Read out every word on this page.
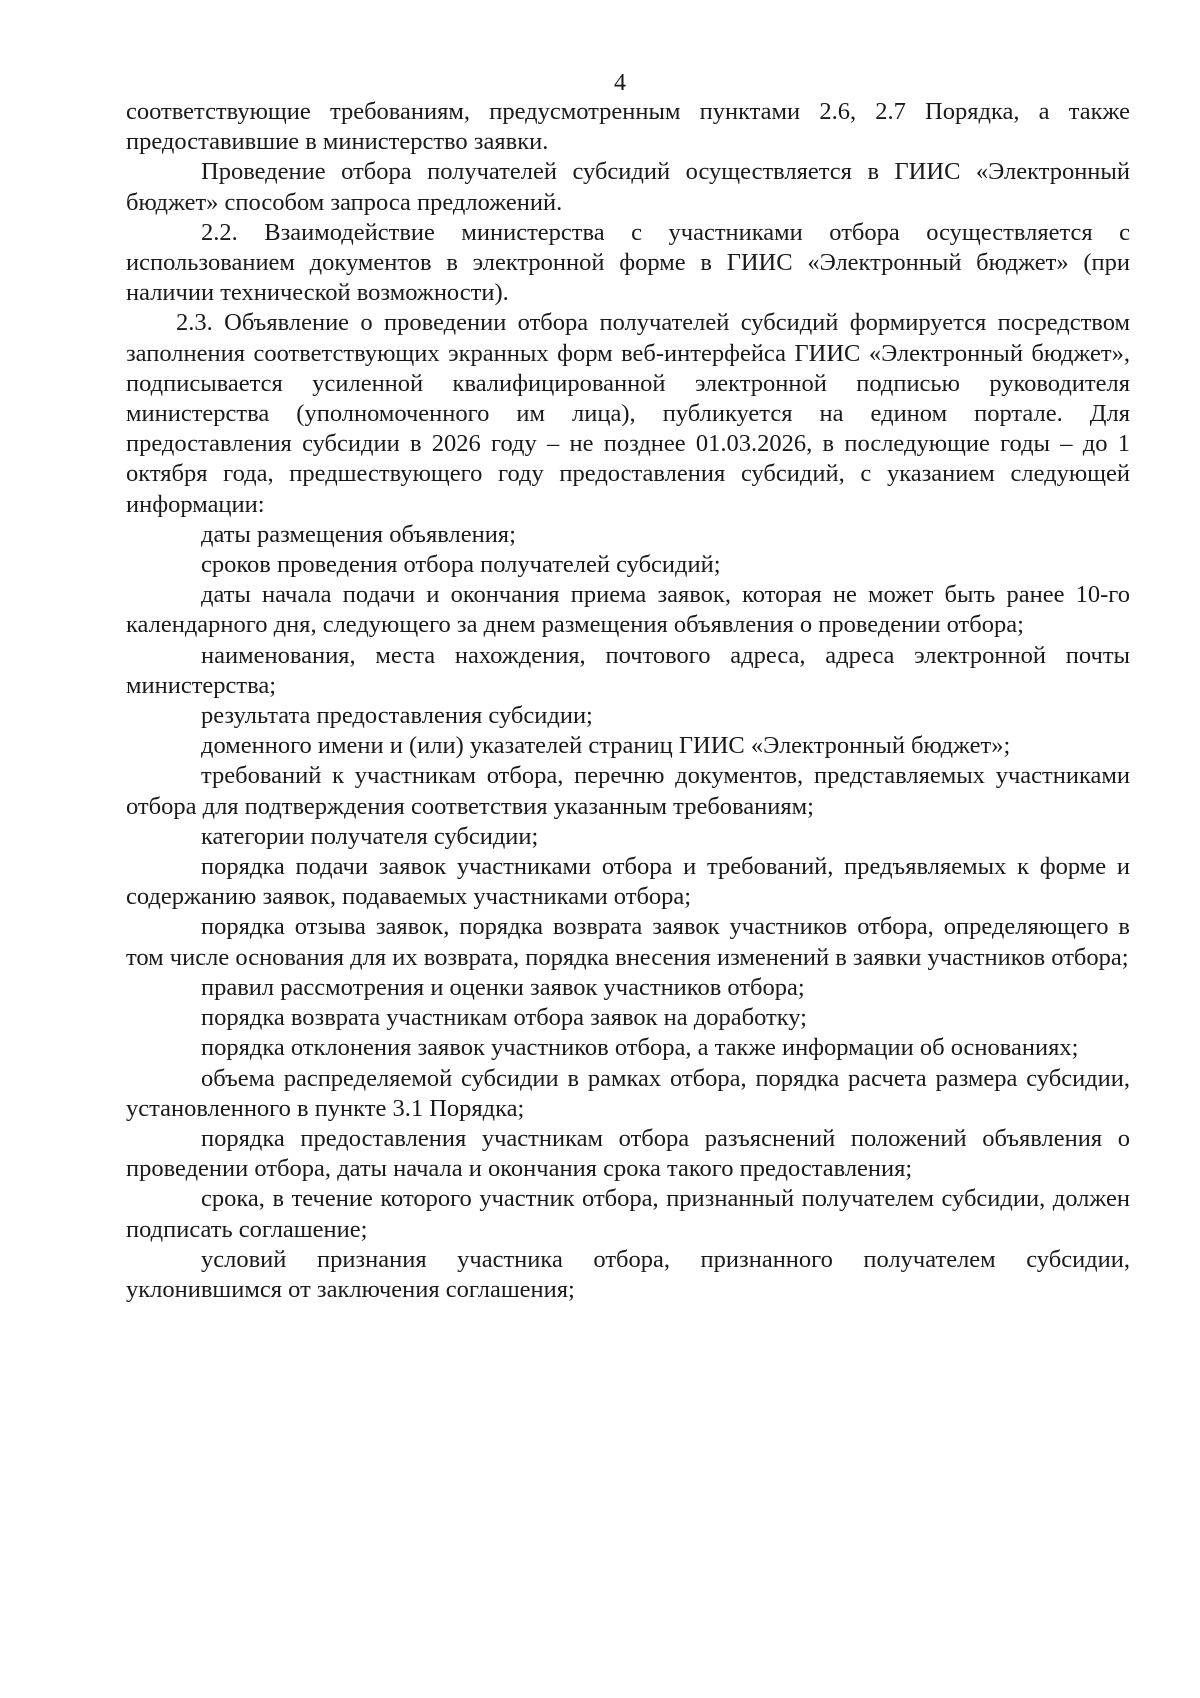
4

соответствующие требованиям, предусмотренным пунктами 2.6, 2.7 Порядка, а также предоставившие в министерство заявки.

Проведение отбора получателей субсидий осуществляется в ГИИС «Электронный бюджет» способом запроса предложений.

2.2. Взаимодействие министерства с участниками отбора осуществляется с использованием документов в электронной форме в ГИИС «Электронный бюджет» (при наличии технической возможности).

2.3. Объявление о проведении отбора получателей субсидий формируется посредством заполнения соответствующих экранных форм веб-интерфейса ГИИС «Электронный бюджет», подписывается усиленной квалифицированной электронной подписью руководителя министерства (уполномоченного им лица), публикуется на едином портале. Для предоставления субсидии в 2026 году – не позднее 01.03.2026, в последующие годы – до 1 октября года, предшествующего году предоставления субсидий, с указанием следующей информации:

даты размещения объявления;

сроков проведения отбора получателей субсидий;

даты начала подачи и окончания приема заявок, которая не может быть ранее 10-го календарного дня, следующего за днем размещения объявления о проведении отбора;

наименования, места нахождения, почтового адреса, адреса электронной почты министерства;

результата предоставления субсидии;

доменного имени и (или) указателей страниц ГИИС «Электронный бюджет»;

требований к участникам отбора, перечню документов, представляемых участниками отбора для подтверждения соответствия указанным требованиям;

категории получателя субсидии;

порядка подачи заявок участниками отбора и требований, предъявляемых к форме и содержанию заявок, подаваемых участниками отбора;

порядка отзыва заявок, порядка возврата заявок участников отбора, определяющего в том числе основания для их возврата, порядка внесения изменений в заявки участников отбора;

правил рассмотрения и оценки заявок участников отбора;

порядка возврата участникам отбора заявок на доработку;

порядка отклонения заявок участников отбора, а также информации об основаниях;

объема распределяемой субсидии в рамках отбора, порядка расчета размера субсидии, установленного в пункте 3.1 Порядка;

порядка предоставления участникам отбора разъяснений положений объявления о проведении отбора, даты начала и окончания срока такого предоставления;

срока, в течение которого участник отбора, признанный получателем субсидии, должен подписать соглашение;

условий признания участника отбора, признанного получателем субсидии, уклонившимся от заключения соглашения;
